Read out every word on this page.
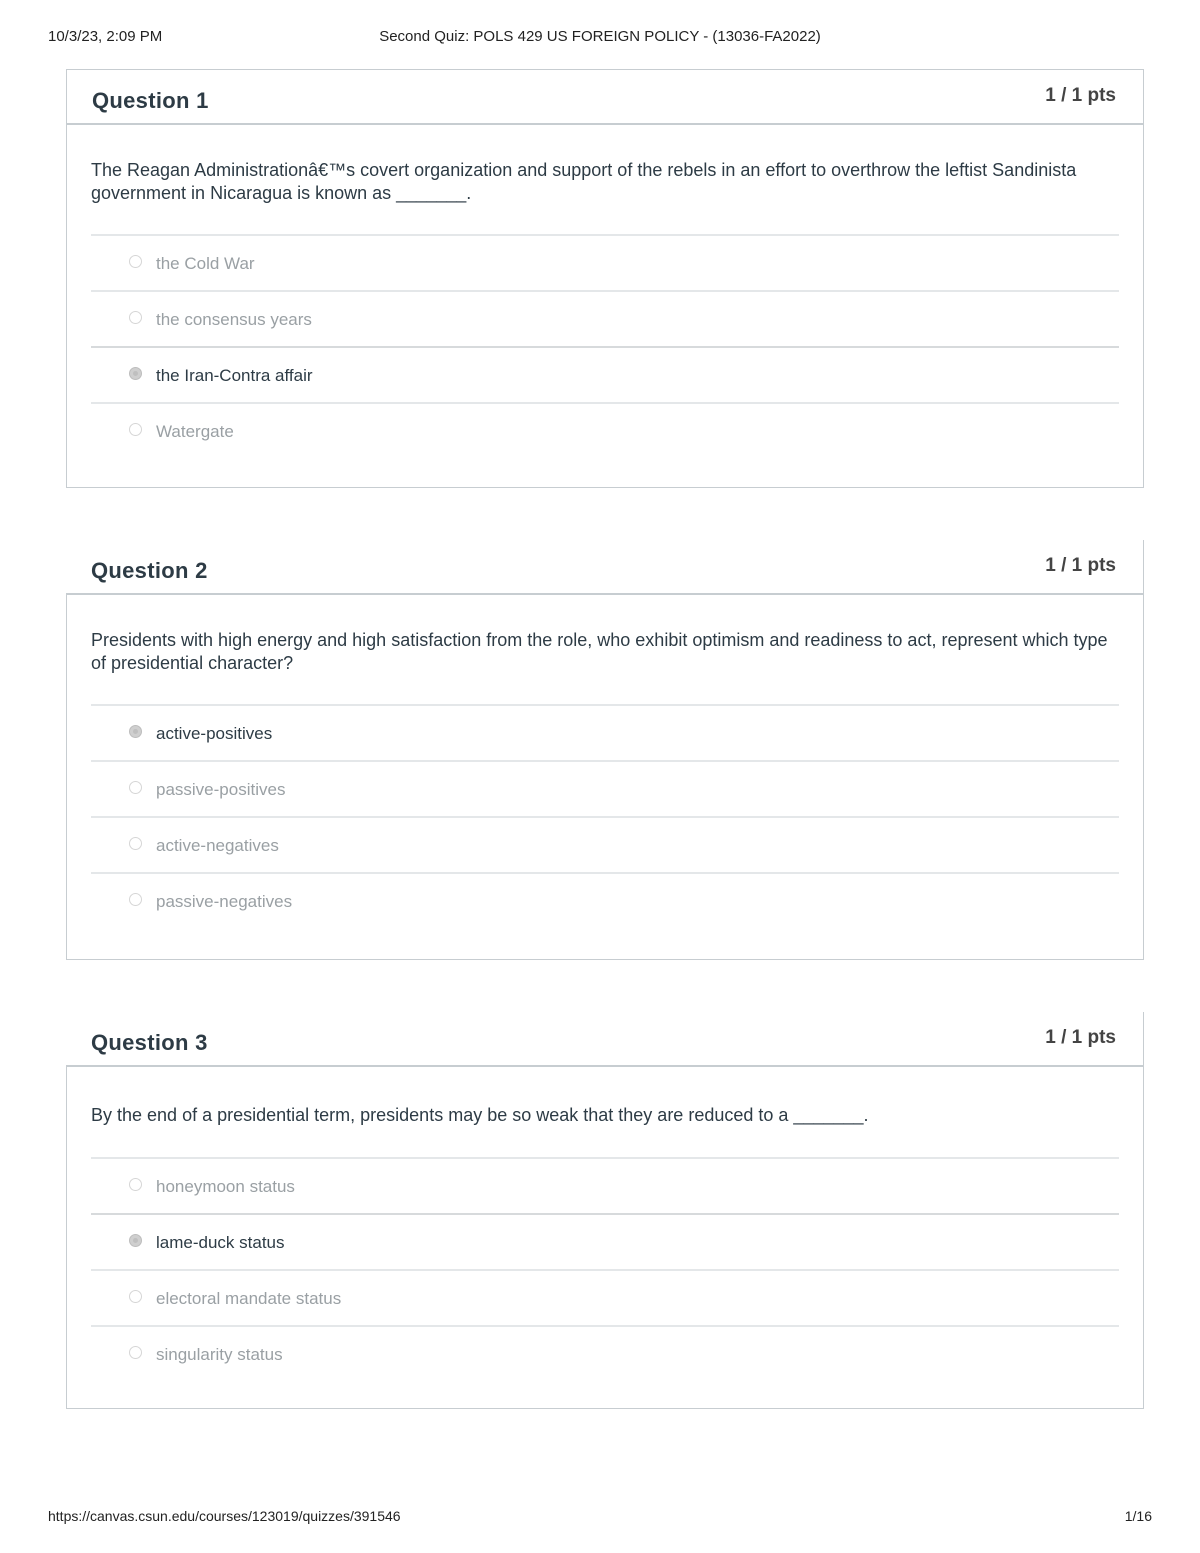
10/3/23, 2:09 PM	Second Quiz: POLS 429 US FOREIGN POLICY - (13036-FA2022)
Question 1	1 / 1 pts

The Reagan Administrationâ€™s covert organization and support of the rebels in an effort to overthrow the leftist Sandinista government in Nicaragua is known as _______.

the Cold War
the consensus years
the Iran-Contra affair
Watergate
Question 2	1 / 1 pts

Presidents with high energy and high satisfaction from the role, who exhibit optimism and readiness to act, represent which type of presidential character?

active-positives
passive-positives
active-negatives
passive-negatives
Question 3	1 / 1 pts

By the end of a presidential term, presidents may be so weak that they are reduced to a _______.

honeymoon status
lame-duck status
electoral mandate status
singularity status
https://canvas.csun.edu/courses/123019/quizzes/391546	1/16
